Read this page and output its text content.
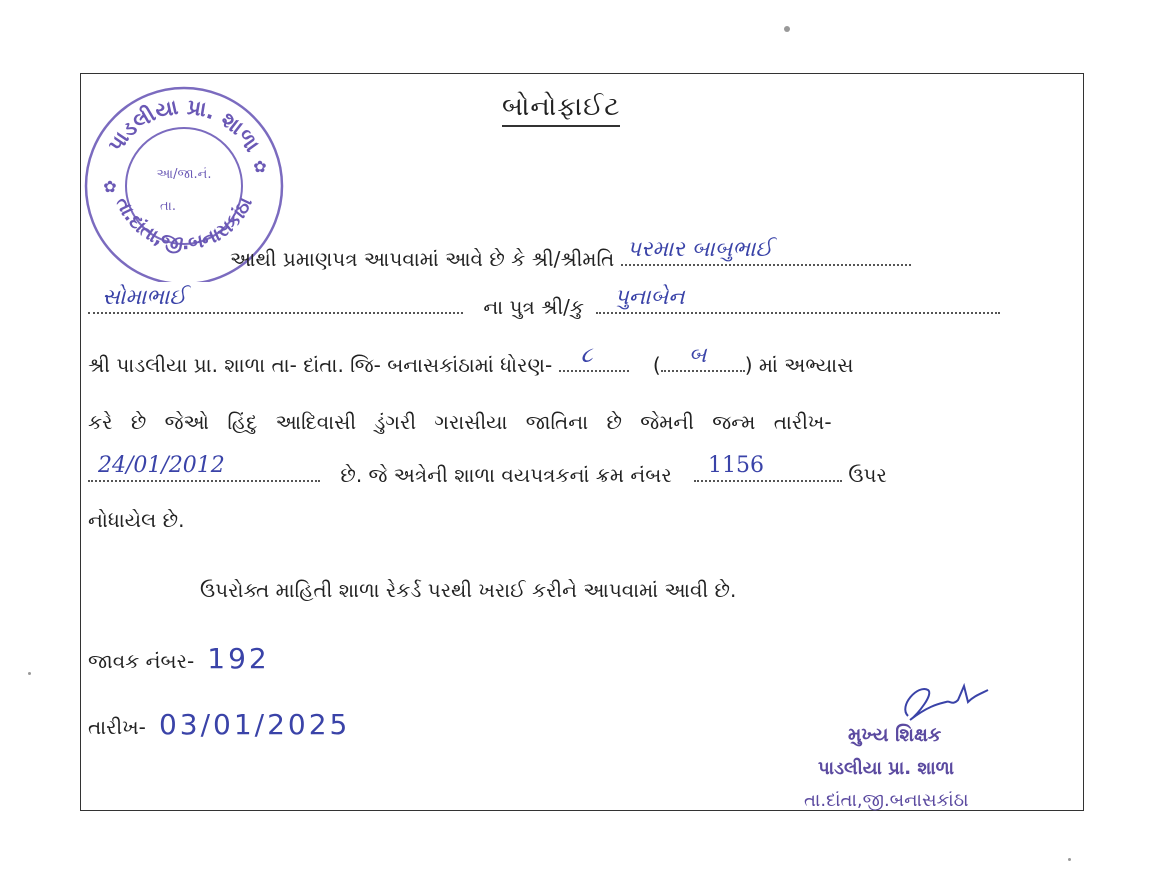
બોનોફાઈટ
પાડલીયા પ્રા. શાળા
તા.દાંતા,જી.બનાસકાંઠા
આ/જા.નં.
તા.
✿
✿
આથી પ્રમાણપત્ર આપવામાં આવે છે કે શ્રી/શ્રીમતિ પરમાર બાબુભાઈ
સોમાભાઈ	ના પુત્ર શ્રી/કુ પુનાબેન
શ્રી પાડલીયા પ્રા. શાળા તા- દાંતા. જિ- બનાસકાંઠામાં ધોરણ- ૮	( બ ) માં અભ્યાસ
કરે છે જેઓ હિંદુ આદિવાસી ડુંગરી ગરાસીયા જાતિના છે જેમની જન્મ તારીખ-
24/01/2012	છે. જે અત્રેની શાળા વયપત્રકનાં ક્રમ નંબર 1156	ઉપર
નોધાયેલ છે.
ઉપરોક્ત માહિતી શાળા રેકર્ડ પરથી ખરાઈ કરીને આપવામાં આવી છે.
જાવક નંબર- 192
તારીખ- 03/01/2025	મુખ્ય શિક્ષક
પાડલીયા પ્રા. શાળા
તા.દાંતા,જી.બનાસકાંઠા
